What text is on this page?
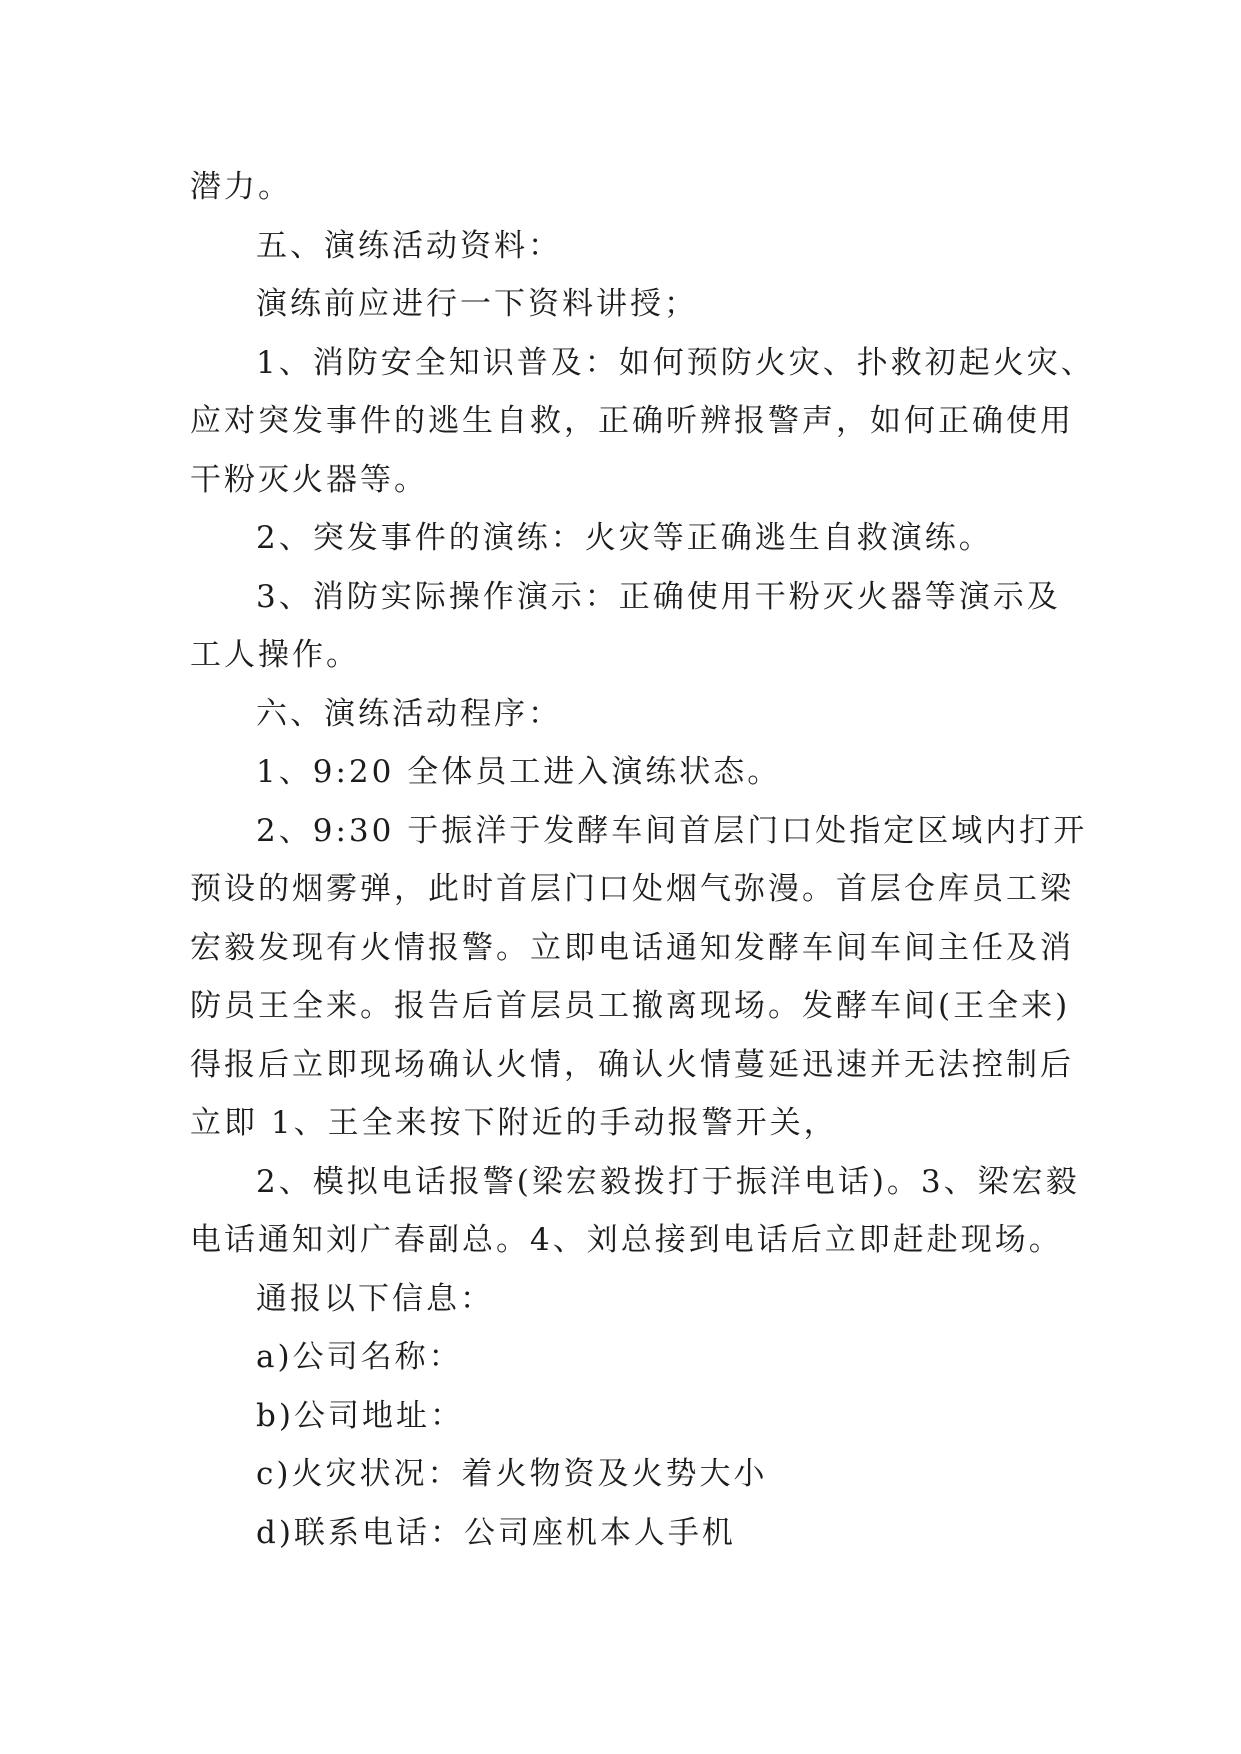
潜力。
五、演练活动资料：
演练前应进行一下资料讲授；
1、消防安全知识普及：如何预防火灾、扑救初起火灾、
应对突发事件的逃生自救，正确听辨报警声，如何正确使用
干粉灭火器等。
2、突发事件的演练：火灾等正确逃生自救演练。
3、消防实际操作演示：正确使用干粉灭火器等演示及
工人操作。
六、演练活动程序：
1、9:20 全体员工进入演练状态。
2、9:30 于振洋于发酵车间首层门口处指定区域内打开
预设的烟雾弹，此时首层门口处烟气弥漫。首层仓库员工梁
宏毅发现有火情报警。立即电话通知发酵车间车间主任及消
防员王全来。报告后首层员工撤离现场。发酵车间(王全来)
得报后立即现场确认火情，确认火情蔓延迅速并无法控制后
立即 1、王全来按下附近的手动报警开关，
2、模拟电话报警(梁宏毅拨打于振洋电话)。3、梁宏毅
电话通知刘广春副总。4、刘总接到电话后立即赶赴现场。
通报以下信息：
a)公司名称：
b)公司地址：
c)火灾状况：着火物资及火势大小
d)联系电话：公司座机本人手机
